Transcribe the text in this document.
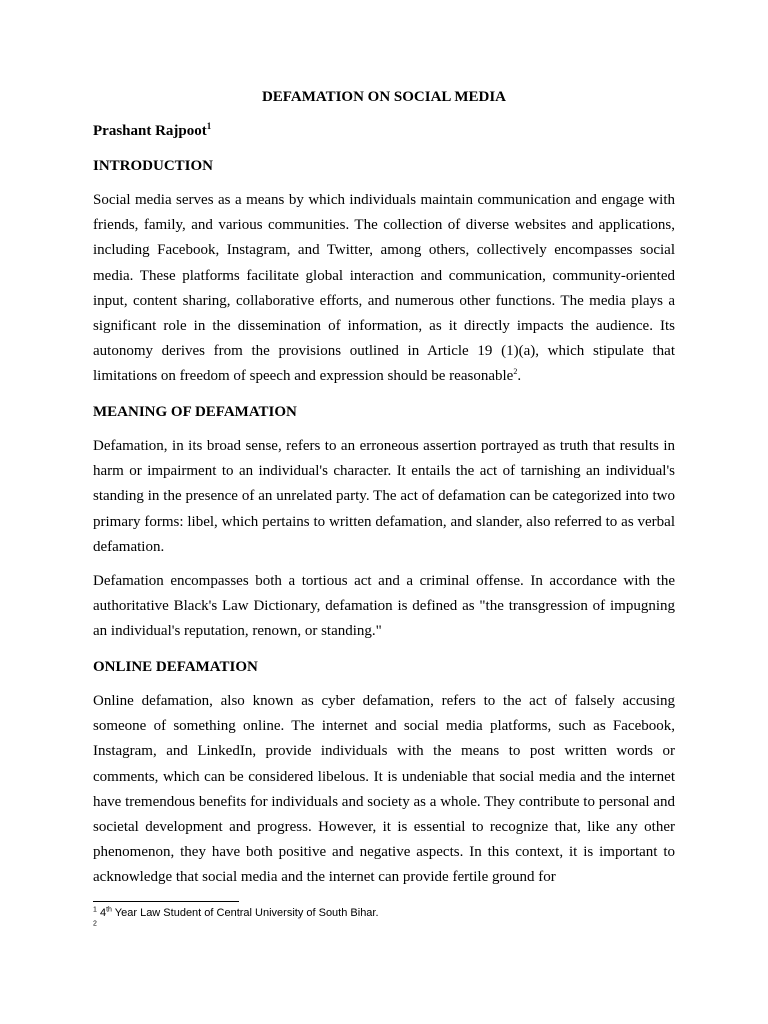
DEFAMATION ON SOCIAL MEDIA

Prashant Rajpoot$^1$

INTRODUCTION

Social media serves as a means by which individuals maintain communication and engage with friends, family, and various communities. The collection of diverse websites and applications, including Facebook, Instagram, and Twitter, among others, collectively encompasses social media. These platforms facilitate global interaction and communication, community-oriented input, content sharing, collaborative efforts, and numerous other functions. The media plays a significant role in the dissemination of information, as it directly impacts the audience. Its autonomy derives from the provisions outlined in Article 19 (1)(a), which stipulate that limitations on freedom of speech and expression should be reasonable$^2$.

MEANING OF DEFAMATION

Defamation, in its broad sense, refers to an erroneous assertion portrayed as truth that results in harm or impairment to an individual's character. It entails the act of tarnishing an individual's standing in the presence of an unrelated party. The act of defamation can be categorized into two primary forms: libel, which pertains to written defamation, and slander, also referred to as verbal defamation.

Defamation encompasses both a tortious act and a criminal offense. In accordance with the authoritative Black's Law Dictionary, defamation is defined as "the transgression of impugning an individual's reputation, renown, or standing."

ONLINE DEFAMATION

Online defamation, also known as cyber defamation, refers to the act of falsely accusing someone of something online. The internet and social media platforms, such as Facebook, Instagram, and LinkedIn, provide individuals with the means to post written words or comments, which can be considered libelous. It is undeniable that social media and the internet have tremendous benefits for individuals and society as a whole. They contribute to personal and societal development and progress. However, it is essential to recognize that, like any other phenomenon, they have both positive and negative aspects. In this context, it is important to acknowledge that social media and the internet can provide fertile ground for

$^1$ 4th Year Law Student of Central University of South Bihar.

$^2$
